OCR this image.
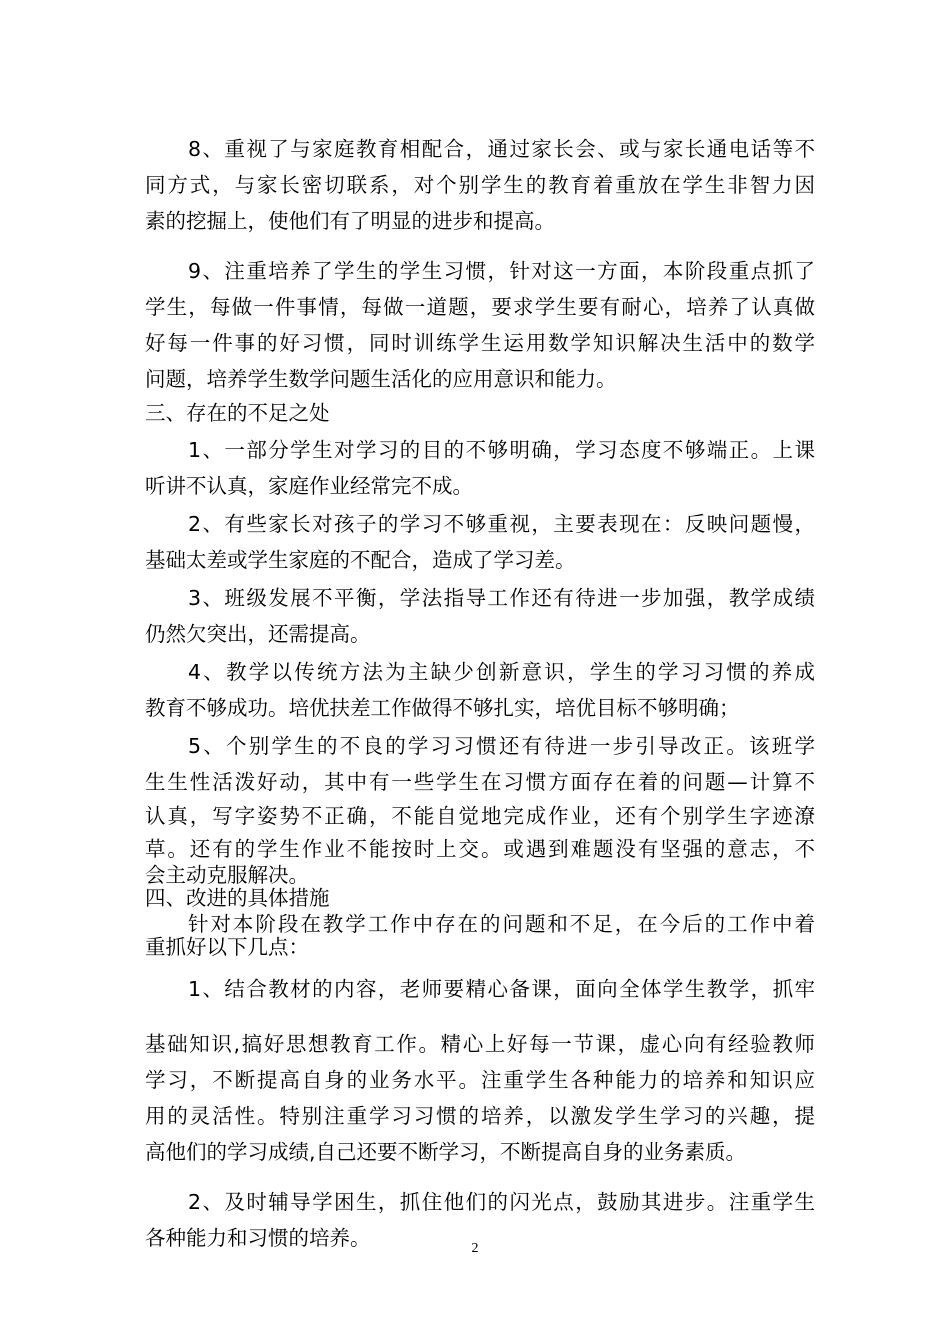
8、重视了与家庭教育相配合，通过家长会、或与家长通电话等不

同方式，与家长密切联系，对个别学生的教育着重放在学生非智力因

素的挖掘上，使他们有了明显的进步和提高。

9、注重培养了学生的学生习惯，针对这一方面，本阶段重点抓了

学生，每做一件事情，每做一道题，要求学生要有耐心，培养了认真做

好每一件事的好习惯，同时训练学生运用数学知识解决生活中的数学

问题，培养学生数学问题生活化的应用意识和能力。

三、存在的不足之处

1、一部分学生对学习的目的不够明确，学习态度不够端正。上课

听讲不认真，家庭作业经常完不成。

2、有些家长对孩子的学习不够重视，主要表现在：反映问题慢，

基础太差或学生家庭的不配合，造成了学习差。

3、班级发展不平衡，学法指导工作还有待进一步加强，教学成绩

仍然欠突出，还需提高。

4、教学以传统方法为主缺少创新意识，学生的学习习惯的养成

教育不够成功。培优扶差工作做得不够扎实，培优目标不够明确；

5、个别学生的不良的学习习惯还有待进一步引导改正。该班学

生生性活泼好动，其中有一些学生在习惯方面存在着的问题—计算不

认真，写字姿势不正确，不能自觉地完成作业，还有个别学生字迹潦

草。还有的学生作业不能按时上交。或遇到难题没有坚强的意志，不

会主动克服解决。

四、改进的具体措施

针对本阶段在教学工作中存在的问题和不足，在今后的工作中着

重抓好以下几点：

1、结合教材的内容，老师要精心备课，面向全体学生教学，抓牢

基础知识,搞好思想教育工作。精心上好每一节课，虚心向有经验教师

学习，不断提高自身的业务水平。注重学生各种能力的培养和知识应

用的灵活性。特别注重学习习惯的培养，以激发学生学习的兴趣，提

高他们的学习成绩,自己还要不断学习，不断提高自身的业务素质。

2、及时辅导学困生，抓住他们的闪光点，鼓励其进步。注重学生

各种能力和习惯的培养。	2
